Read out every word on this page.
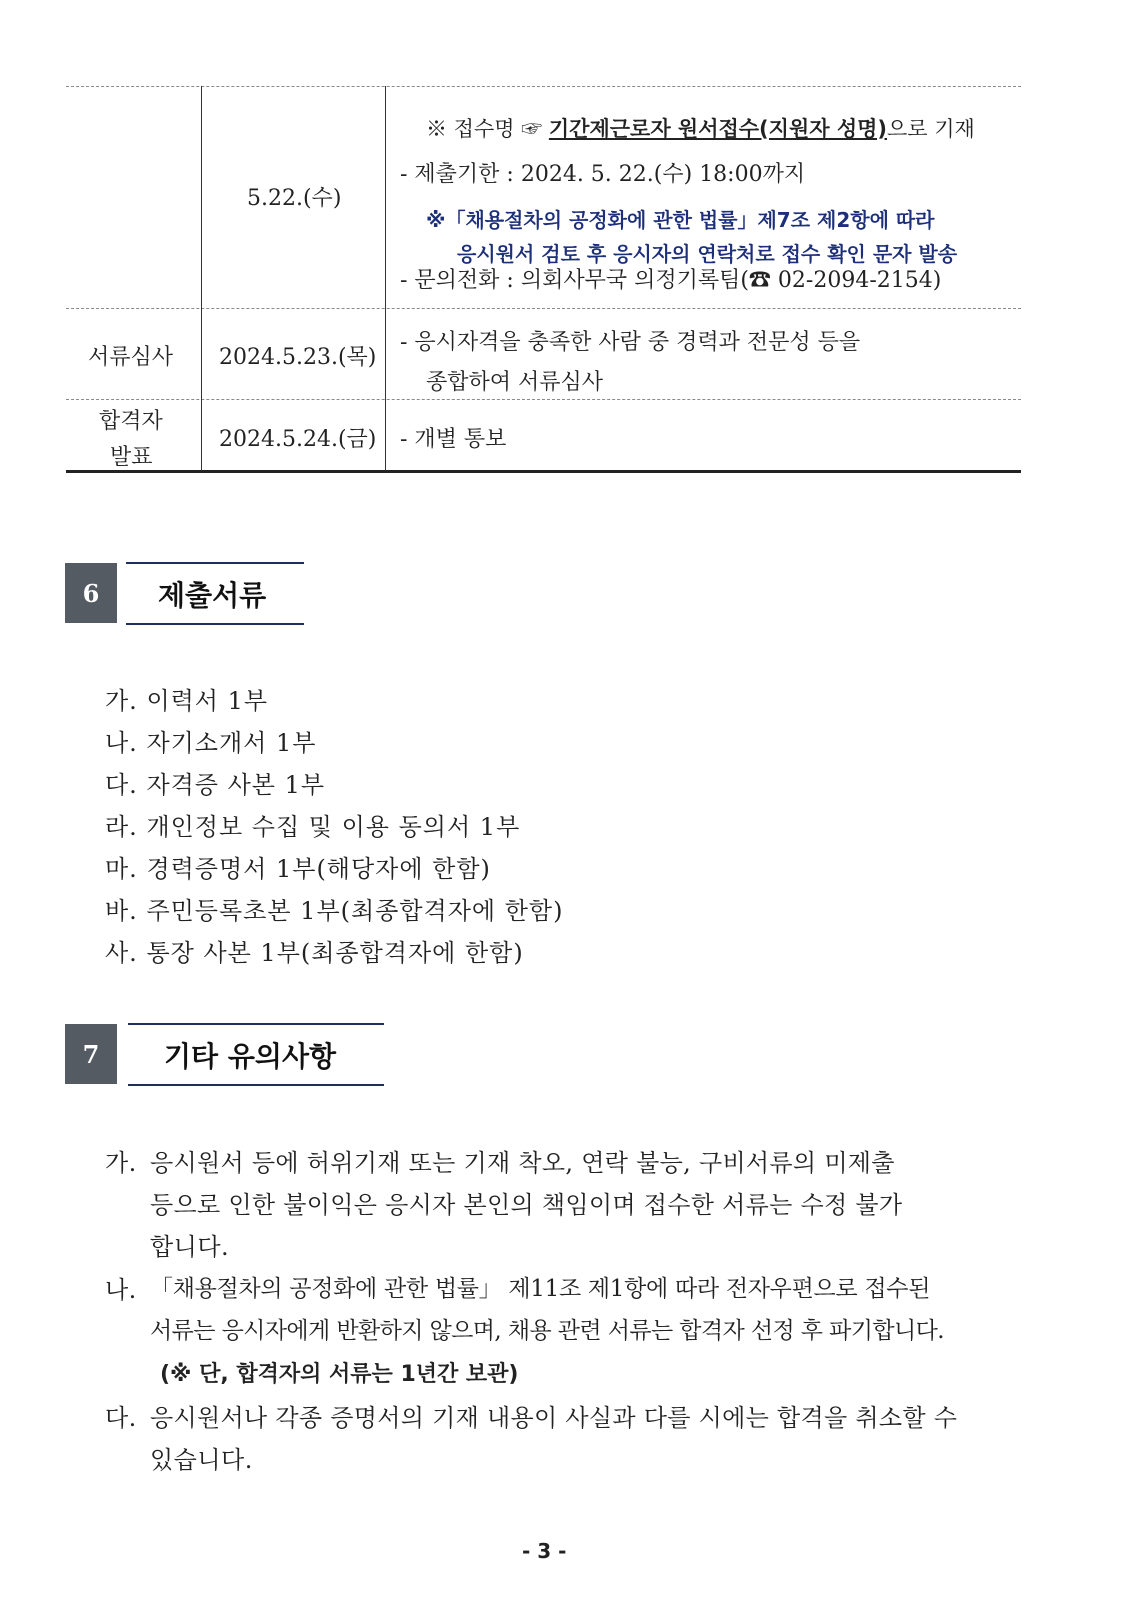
5.22.(수)
※ 접수명 ☞ 기간제근로자 원서접수(지원자 성명)으로 기재
- 제출기한 : 2024. 5. 22.(수) 18:00까지
※「채용절차의 공정화에 관한 법률」제7조 제2항에 따라
응시원서 검토 후 응시자의 연락처로 접수 확인 문자 발송
- 문의전화 : 의회사무국 의정기록팀(☎ 02-2094-2154)
서류심사 2024.5.23.(목)
- 응시자격을 충족한 사람 중 경력과 전문성 등을
종합하여 서류심사
합격자
발표
2024.5.24.(금) - 개별 통보
6	제출서류
가. 이력서 1부
나. 자기소개서 1부
다. 자격증 사본 1부
라. 개인정보 수집 및 이용 동의서 1부
마. 경력증명서 1부(해당자에 한함)
바. 주민등록초본 1부(최종합격자에 한함)
사. 통장 사본 1부(최종합격자에 한함)
7	기타 유의사항
가. 응시원서 등에 허위기재 또는 기재 착오, 연락 불능, 구비서류의 미제출
등으로 인한 불이익은 응시자 본인의 책임이며 접수한 서류는 수정 불가
합니다.
나. 「채용절차의 공정화에 관한 법률」 제11조 제1항에 따라 전자우편으로 접수된
서류는 응시자에게 반환하지 않으며, 채용 관련 서류는 합격자 선정 후 파기합니다.
(※ 단, 합격자의 서류는 1년간 보관)
다. 응시원서나 각종 증명서의 기재 내용이 사실과 다를 시에는 합격을 취소할 수
있습니다.
- 3 -
